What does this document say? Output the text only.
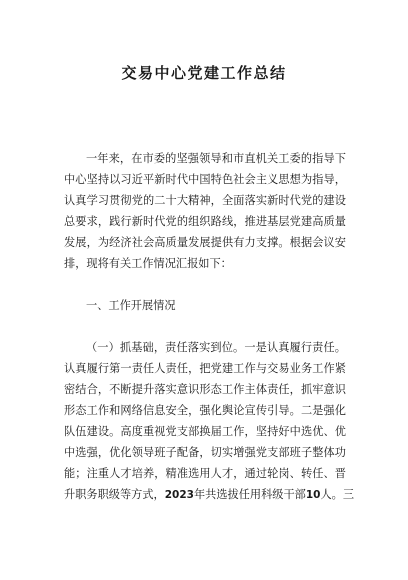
交易中心党建工作总结

一年来，在市委的坚强领导和市直机关工委的指导下

中心坚持以习近平新时代中国特色社会主义思想为指导，

认真学习贯彻党的二十大精神，全面落实新时代党的建设

总要求，践行新时代党的组织路线，推进基层党建高质量

发展，为经济社会高质量发展提供有力支撑。根据会议安

排，现将有关工作情况汇报如下：

一、工作开展情况

（一）抓基础，责任落实到位。一是认真履行责任。

认真履行第一责任人责任，把党建工作与交易业务工作紧

密结合，不断提升落实意识形态工作主体责任，抓牢意识

形态工作和网络信息安全，强化舆论宣传引导。二是强化

队伍建设。高度重视党支部换届工作，坚持好中选优、优

中选强，优化领导班子配备，切实增强党支部班子整体功

能；注重人才培养，精准选用人才，通过轮岗、转任、晋

升职务职级等方式，2023年共选拔任用科级干部10人。三
